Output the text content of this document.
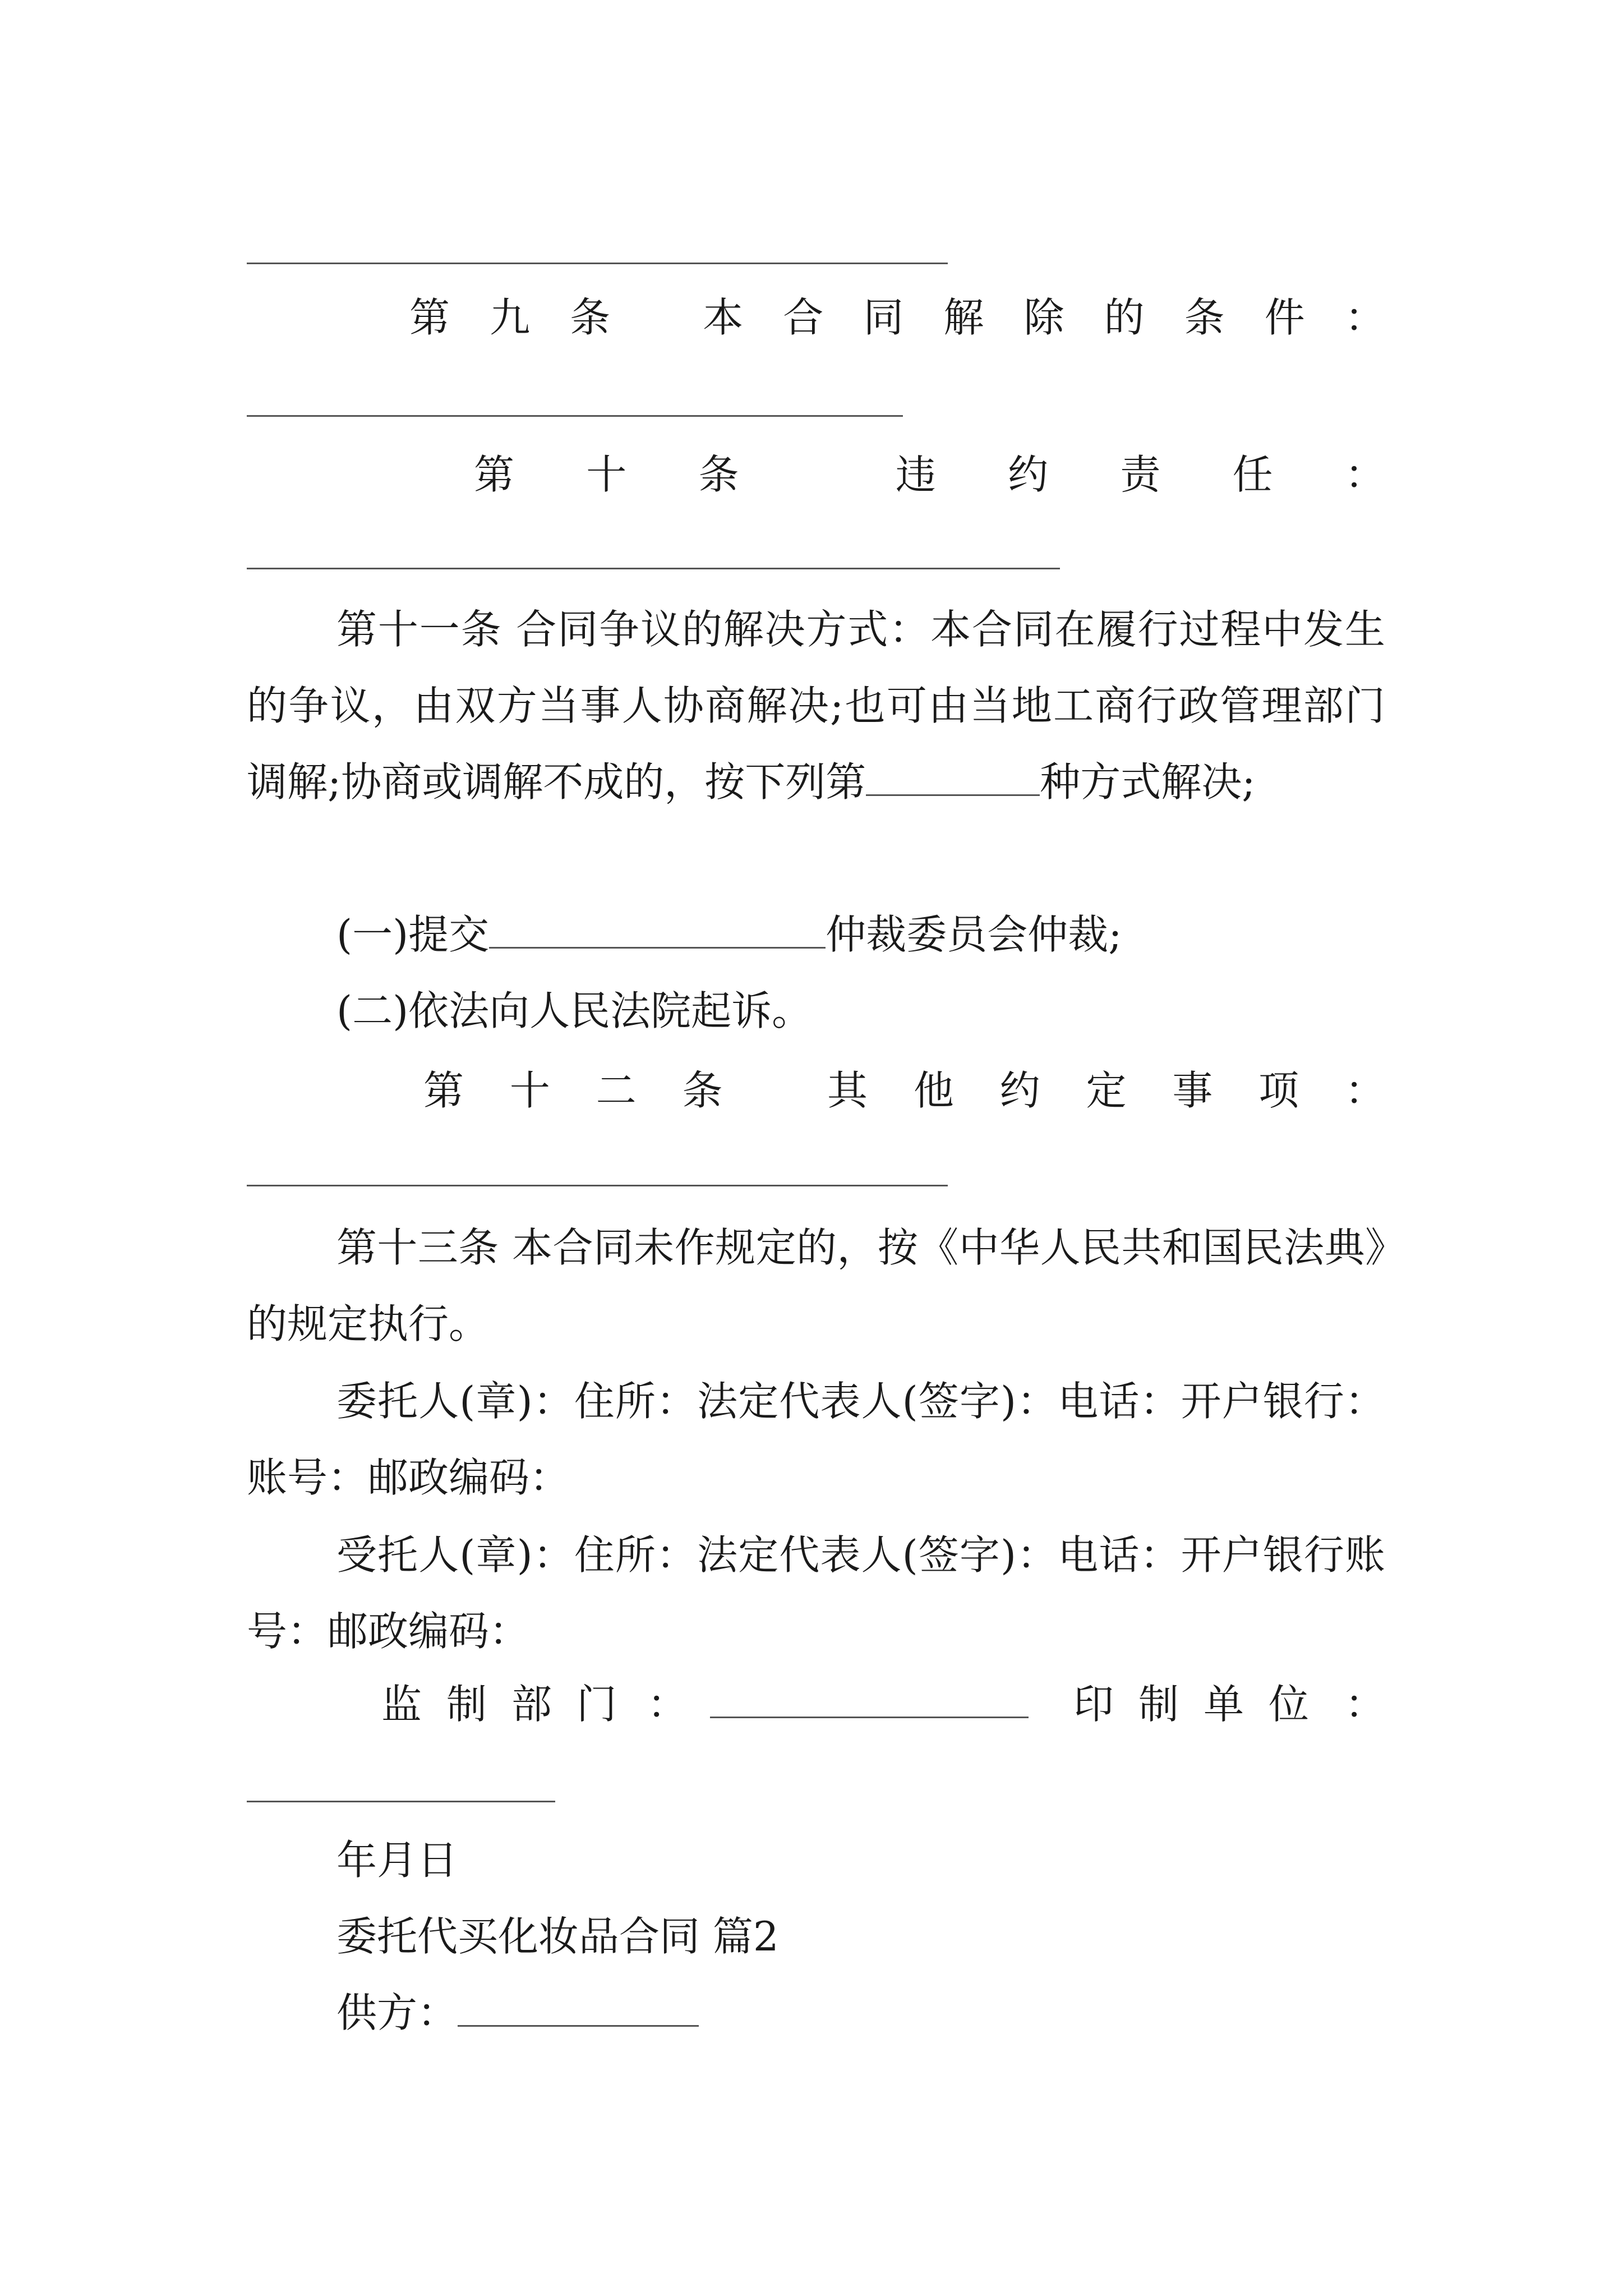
第 九 条
本 合 同 解 除 的 条 件 ：
第 十 条
	违 约 责 任 ：
第十一条 合同争议的解决方式：本合同在履行过程中发生的争议，由双方当事人协商解决;也可由当地工商行政管理部门调解;协商或调解不成的，按下列第	种方式解决;
(一)提交	仲裁委员会仲裁;
(二)依法向人民法院起诉。
第 十 二 条
	其 他 约 定 事 项 ：
第十三条 本合同未作规定的，按《中华人民共和国民法典》的规定执行。
委托人(章)：住所：法定代表人(签字)：电话：开户银行：账号：邮政编码：
受托人(章)：住所：法定代表人(签字)：电话：开户银行账号：邮政编码：
监制部门 ：	印制单位 ：
年月日
委托代买化妆品合同 篇2
供方：
